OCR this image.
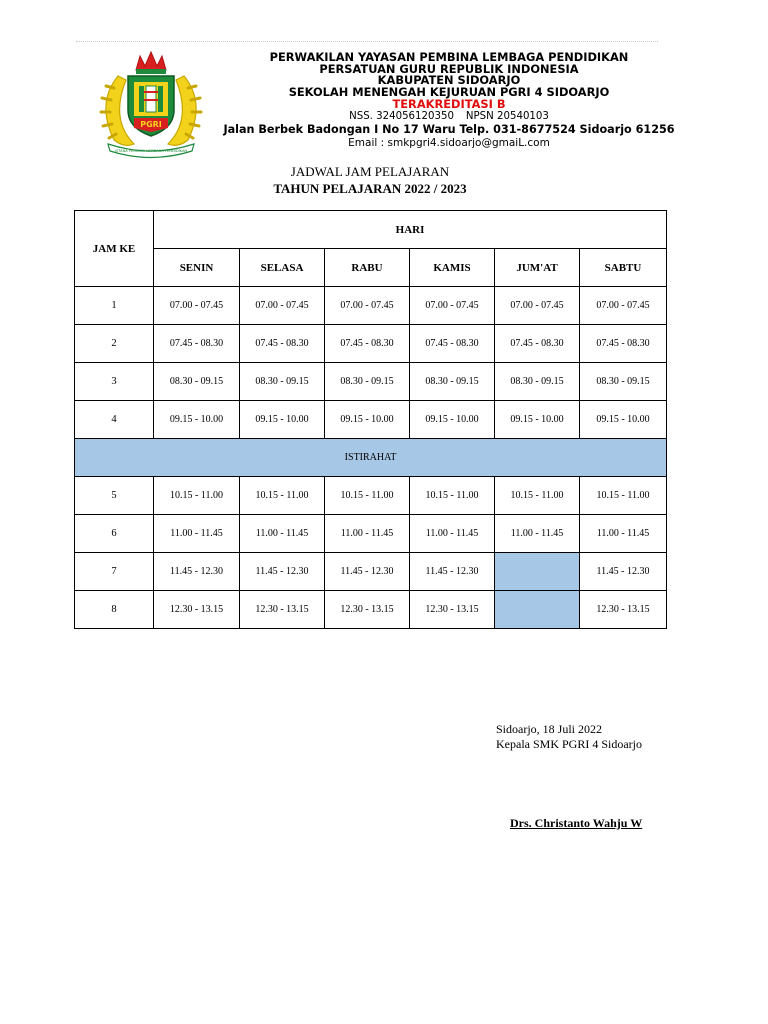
PGRI
ISTANA PEMBINA LEMBAGA PENDIDIKAN
PERWAKILAN YAYASAN PEMBINA LEMBAGA PENDIDIKAN
PERSATUAN GURU REPUBLIK INDONESIA
KABUPATEN SIDOARJO
SEKOLAH MENENGAH KEJURUAN PGRI 4 SIDOARJO
TERAKREDITASI B
NSS. 324056120350 NPSN 20540103
Jalan Berbek Badongan I No 17 Waru Telp. 031-8677524 Sidoarjo 61256
Email : smkpgri4.sidoarjo@gmaiL.com
JADWAL JAM PELAJARAN
TAHUN PELAJARAN 2022 / 2023
JAM KE	HARI					
	SENIN	SELASA	RABU	KAMIS	JUM'AT	SABTU
1	07.00 - 07.45	07.00 - 07.45	07.00 - 07.45	07.00 - 07.45	07.00 - 07.45	07.00 - 07.45
2	07.45 - 08.30	07.45 - 08.30	07.45 - 08.30	07.45 - 08.30	07.45 - 08.30	07.45 - 08.30
3	08.30 - 09.15	08.30 - 09.15	08.30 - 09.15	08.30 - 09.15	08.30 - 09.15	08.30 - 09.15
4	09.15 - 10.00	09.15 - 10.00	09.15 - 10.00	09.15 - 10.00	09.15 - 10.00	09.15 - 10.00
ISTIRAHAT						
5	10.15 - 11.00	10.15 - 11.00	10.15 - 11.00	10.15 - 11.00	10.15 - 11.00	10.15 - 11.00
6	11.00 - 11.45	11.00 - 11.45	11.00 - 11.45	11.00 - 11.45	11.00 - 11.45	11.00 - 11.45
7	11.45 - 12.30	11.45 - 12.30	11.45 - 12.30	11.45 - 12.30		11.45 - 12.30
8	12.30 - 13.15	12.30 - 13.15	12.30 - 13.15	12.30 - 13.15		12.30 - 13.15
Sidoarjo, 18 Juli 2022
Kepala SMK PGRI 4 Sidoarjo
Drs. Christanto Wahju W
